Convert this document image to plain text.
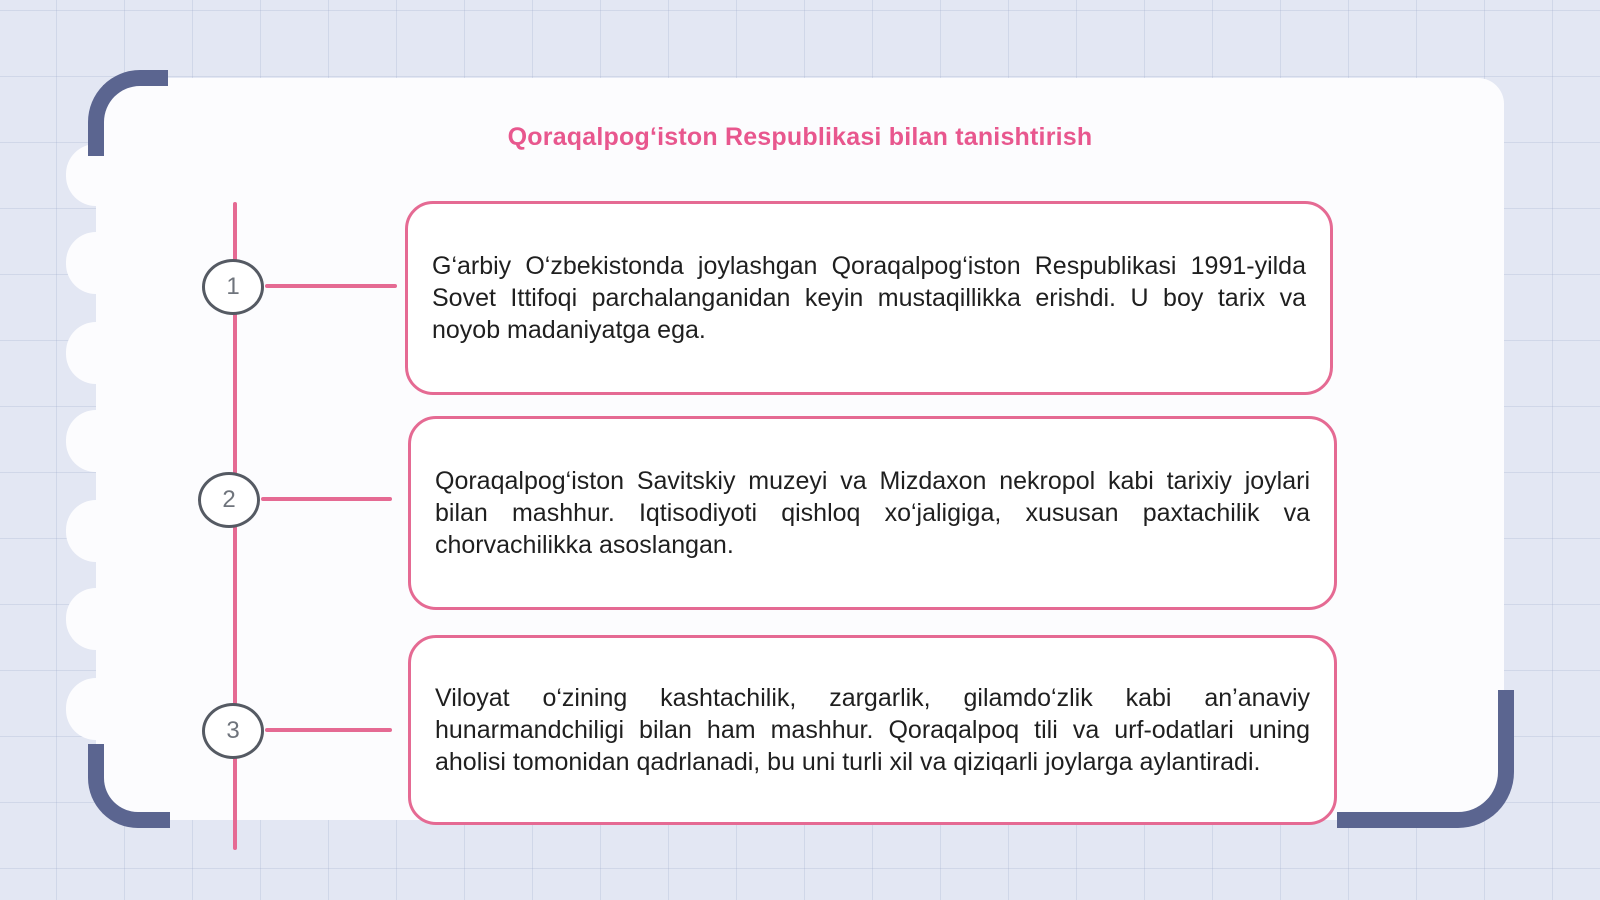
Qoraqalpog‘iston Respublikasi bilan tanishtirish
1
2
3

G‘arbiy O‘zbekistonda joylashgan Qoraqalpog‘iston Respublikasi 1991-yilda Sovet Ittifoqi parchalanganidan keyin mustaqillikka erishdi. U boy tarix va noyob madaniyatga ega.

Qoraqalpog‘iston Savitskiy muzeyi va Mizdaxon nekropol kabi tarixiy joylari bilan mashhur. Iqtisodiyoti qishloq xo‘jaligiga, xususan paxtachilik va chorvachilikka asoslangan.

Viloyat o‘zining kashtachilik, zargarlik, gilamdo‘zlik kabi an’anaviy hunarmandchiligi bilan ham mashhur. Qoraqalpoq tili va urf-odatlari uning aholisi tomonidan qadrlanadi, bu uni turli xil va qiziqarli joylarga aylantiradi.
